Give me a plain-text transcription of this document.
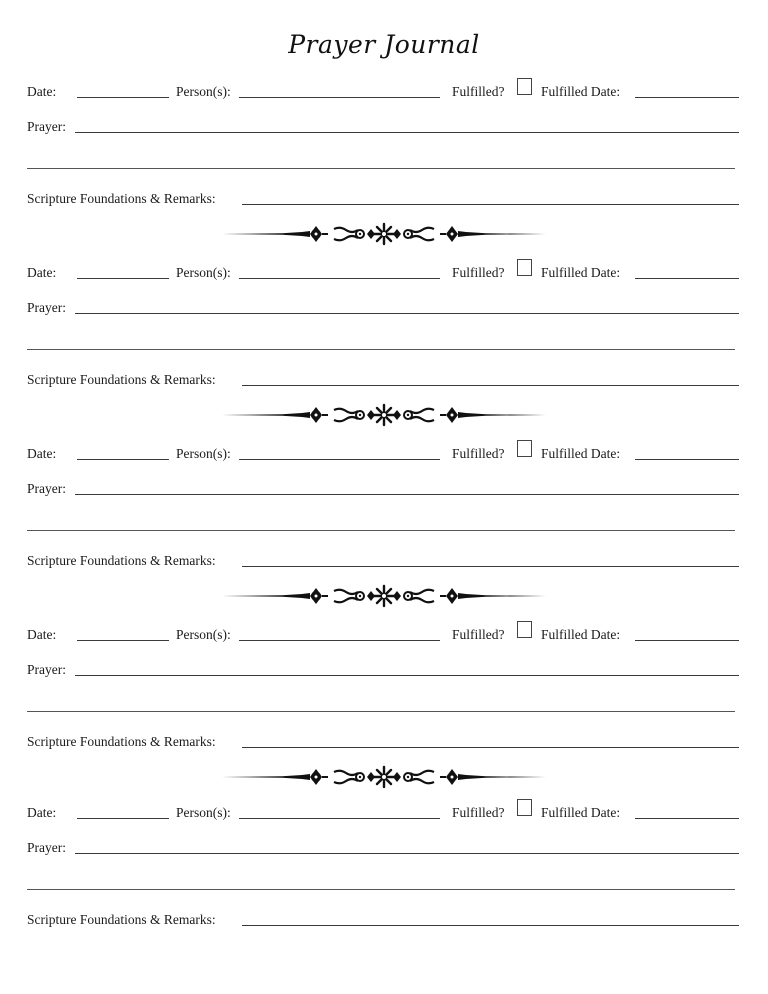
Prayer Journal
Date:	Person(s):	Fulfilled?	Fulfilled Date:
Prayer:
Scripture Foundations & Remarks:
Date:	Person(s):	Fulfilled?	Fulfilled Date:
Prayer:
Scripture Foundations & Remarks:
Date:	Person(s):	Fulfilled?	Fulfilled Date:
Prayer:
Scripture Foundations & Remarks:
Date:	Person(s):	Fulfilled?	Fulfilled Date:
Prayer:
Scripture Foundations & Remarks:
Date:	Person(s):	Fulfilled?	Fulfilled Date:
Prayer:
Scripture Foundations & Remarks:
